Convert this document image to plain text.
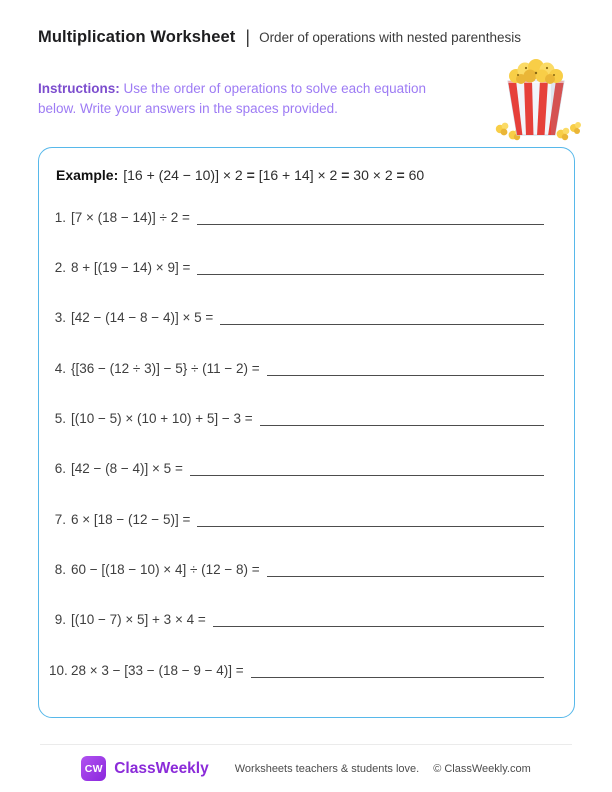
Multiplication Worksheet | Order of operations with nested parenthesis

Instructions: Use the order of operations to solve each equation below. Write your answers in the spaces provided.

Example: [16 + (24 − 10)] × 2 = [16 + 14] × 2 = 30 × 2 = 60
1. [7 × (18 − 14)] ÷ 2 =
2. 8 + [(19 − 14) × 9] =
3. [42 − (14 − 8 − 4)] × 5 =
4. {[36 − (12 ÷ 3)] − 5} ÷ (11 − 2) =
5. [(10 − 5) × (10 + 10) + 5] − 3 =
6. [42 − (8 − 4)] × 5 =
7. 6 × [18 − (12 − 5)] =
8. 60 − [(18 − 10) × 4] ÷ (12 − 8) =
9. [(10 − 7) × 5] + 3 × 4 =
10. 28 × 3 − [33 − (18 − 9 − 4)] =
CW ClassWeekly Worksheets teachers & students love. © ClassWeekly.com
